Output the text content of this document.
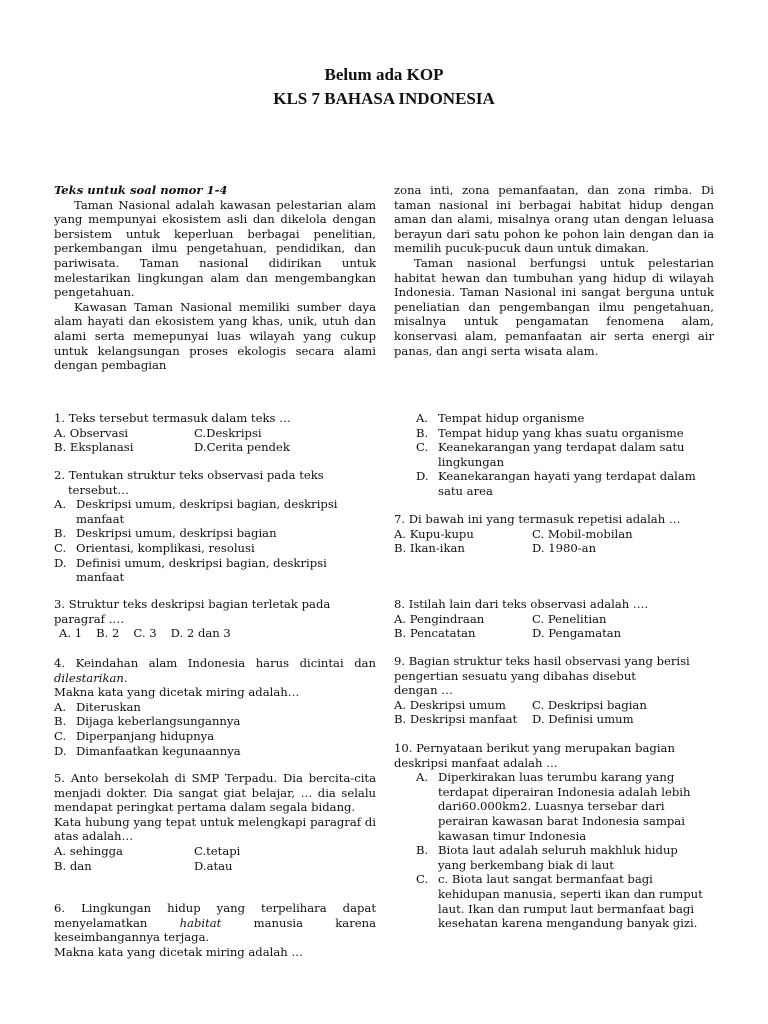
Belum ada KOP
KLS 7 BAHASA INDONESIA

Teks untuk soal nomor 1-4

Taman Nasional adalah kawasan pelestarian alam yang mempunyai ekosistem asli dan dikelola dengan bersistem untuk keperluan berbagai penelitian, perkembangan ilmu pengetahuan, pendidikan, dan pariwisata. Taman nasional didirikan untuk melestarikan lingkungan alam dan mengembangkan pengetahuan.

Kawasan Taman Nasional memiliki sumber daya alam hayati dan ekosistem yang khas, unik, utuh dan alami serta memepunyai luas wilayah yang cukup untuk kelangsungan proses ekologis secara alami dengan pembagian

zona inti, zona pemanfaatan, dan zona rimba. Di taman nasional ini berbagai habitat hidup dengan aman dan alami, misalnya orang utan dengan leluasa berayun dari satu pohon ke pohon lain dengan dan ia memilih pucuk-pucuk daun untuk dimakan.

Taman nasional berfungsi untuk pelestarian habitat hewan dan tumbuhan yang hidup di wilayah Indonesia. Taman Nasional ini sangat berguna untuk peneliatian dan pengembangan ilmu pengetahuan, misalnya untuk pengamatan fenomena alam, konservasi alam, pemanfaatan air serta energi air panas, dan angi serta wisata alam.

1. Teks tersebut termasuk dalam teks …

A. Observasi	C.Deskripsi
B. Eksplanasi	D.Cerita pendek

2. Tentukan struktur teks observasi pada teks

tersebut…

A. Deskripsi umum, deskripsi bagian, deskripsi manfaat
B. Deskripsi umum, deskripsi bagian
C. Orientasi, komplikasi, resolusi
D. Definisi umum, deskripsi bagian, deskripsi manfaat

3. Struktur teks deskripsi bagian terletak pada paragraf ….

A. 1 B. 2 C. 3 D. 2 dan 3

4. Keindahan alam Indonesia harus dicintai dan dilestarikan.

Makna kata yang dicetak miring adalah…

A. Diteruskan
B. Dijaga keberlangsungannya
C. Diperpanjang hidupnya
D. Dimanfaatkan kegunaannya

5. Anto bersekolah di SMP Terpadu. Dia bercita-cita menjadi dokter. Dia sangat giat belajar, … dia selalu mendapat peringkat pertama dalam segala bidang.

Kata hubung yang tepat untuk melengkapi paragraf di atas adalah…

A. sehingga	C.tetapi
B. dan	D.atau

6. Lingkungan hidup yang terpelihara dapat menyelamatkan	habitat	manusia karena keseimbangannya terjaga.

Makna kata yang dicetak miring adalah …

A. Tempat hidup organisme
B. Tempat hidup yang khas suatu organisme
C. Keanekarangan yang terdapat dalam satu lingkungan
D. Keanekarangan hayati yang terdapat dalam satu area

7. Di bawah ini yang termasuk repetisi adalah …

A. Kupu-kupu	C. Mobil-mobilan
B. Ikan-ikan	D. 1980-an

8. Istilah lain dari teks observasi adalah ….

A. Pengindraan	C. Penelitian
B. Pencatatan	D. Pengamatan

9. Bagian struktur teks hasil observasi yang berisi pengertian sesuatu yang dibahas disebut

dengan …

A. Deskripsi umum	C. Deskripsi bagian
B. Deskripsi manfaat	D. Definisi umum

10. Pernyataan berikut yang merupakan bagian deskripsi manfaat adalah …

A. Diperkirakan luas terumbu karang yang terdapat diperairan Indonesia adalah lebih dari60.000km2. Luasnya tersebar dari perairan kawasan barat Indonesia sampai kawasan timur Indonesia
B. Biota laut adalah seluruh makhluk hidup yang berkembang biak di laut
C. c. Biota laut sangat bermanfaat bagi kehidupan manusia, seperti ikan dan rumput laut. Ikan dan rumput laut bermanfaat bagi kesehatan karena mengandung banyak gizi.
